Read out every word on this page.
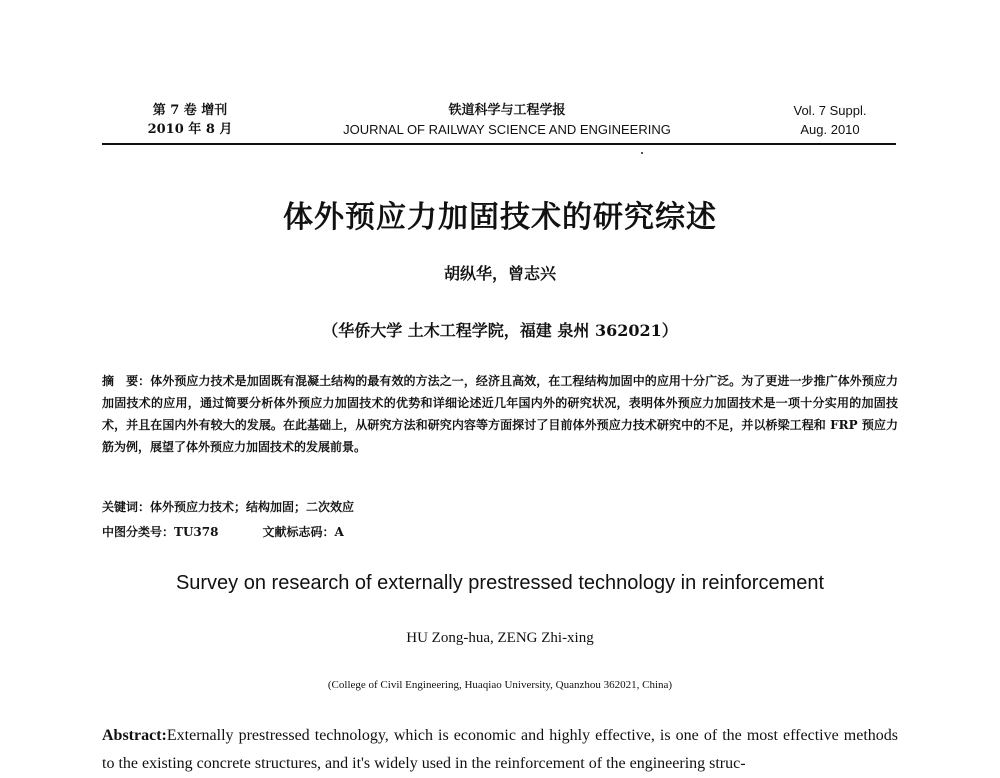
第 7 卷 增刊
2010 年 8 月
铁道科学与工程学报
JOURNAL OF RAILWAY SCIENCE AND ENGINEERING
Vol. 7 Suppl.
Aug. 2010
体外预应力加固技术的研究综述
胡纵华，曾志兴
（华侨大学 土木工程学院，福建 泉州 362021）
摘　要：体外预应力技术是加固既有混凝土结构的最有效的方法之一，经济且高效，在工程结构加固中的应用十分广泛。为了更进一步推广体外预应力加固技术的应用，通过简要分析体外预应力加固技术的优势和详细论述近几年国内外的研究状况，表明体外预应力加固技术是一项十分实用的加固技术，并且在国内外有较大的发展。在此基础上，从研究方法和研究内容等方面探讨了目前体外预应力技术研究中的不足，并以桥梁工程和 FRP 预应力筋为例，展望了体外预应力加固技术的发展前景。
关键词：体外预应力技术；结构加固；二次效应
中图分类号：TU378	文献标志码：A
Survey on research of externally prestressed technology in reinforcement
HU Zong-hua, ZENG Zhi-xing
(College of Civil Engineering, Huaqiao University, Quanzhou 362021, China)
Abstract:Externally prestressed technology, which is economic and highly effective, is one of the most effective methods to the existing concrete structures, and it's widely used in the reinforcement of the engineering struc-
